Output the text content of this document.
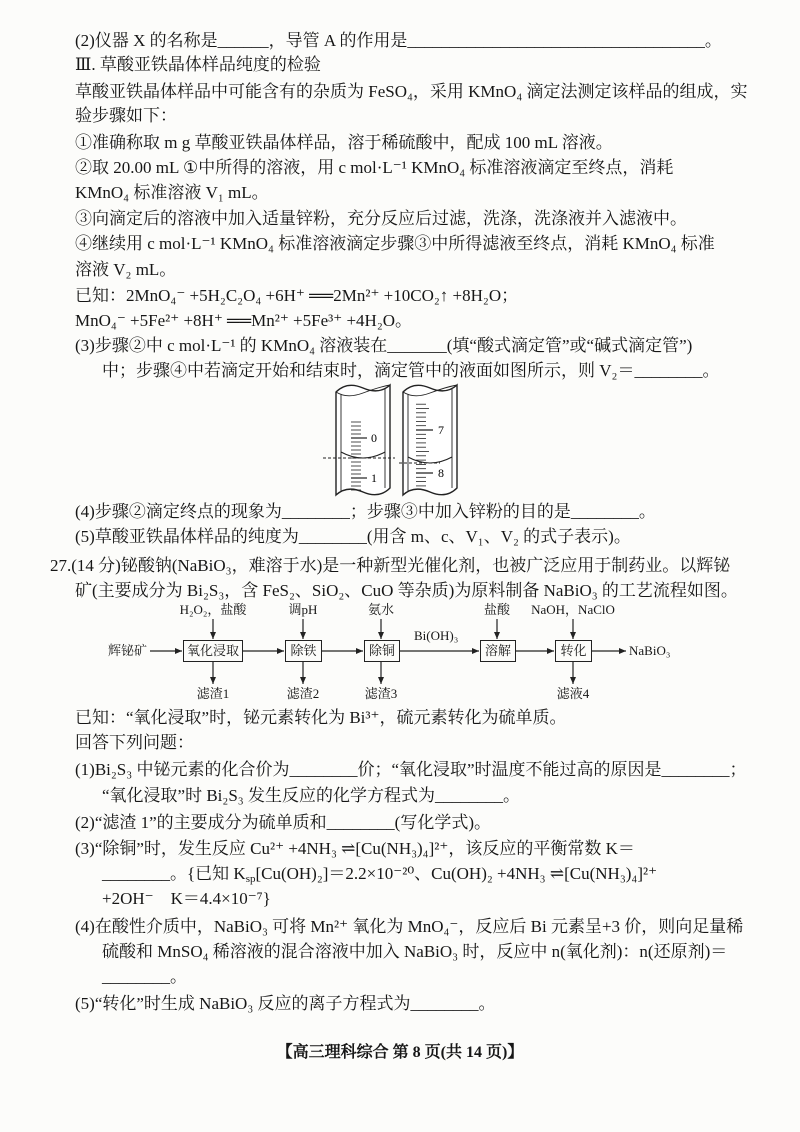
(2)仪器 X 的名称是______，导管 A 的作用是___________________________________。
Ⅲ. 草酸亚铁晶体样品纯度的检验
草酸亚铁晶体样品中可能含有的杂质为 FeSO₄，采用 KMnO₄ 滴定法测定该样品的组成，实
验步骤如下：
①准确称取 m g 草酸亚铁晶体样品，溶于稀硫酸中，配成 100 mL 溶液。
②取 20.00 mL ①中所得的溶液，用 c mol·L⁻¹ KMnO₄ 标准溶液滴定至终点，消耗
KMnO₄ 标准溶液 V₁ mL。
③向滴定后的溶液中加入适量锌粉，充分反应后过滤，洗涤，洗涤液并入滤液中。
④继续用 c mol·L⁻¹ KMnO₄ 标准溶液滴定步骤③中所得滤液至终点，消耗 KMnO₄ 标准
溶液 V₂ mL。
已知：2MnO₄⁻ +5H₂C₂O₄ +6H⁺ ══2Mn²⁺ +10CO₂↑ +8H₂O；
MnO₄⁻ +5Fe²⁺ +8H⁺ ══Mn²⁺ +5Fe³⁺ +4H₂O。
(3)步骤②中 c mol·L⁻¹ 的 KMnO₄ 溶液装在_______(填“酸式滴定管”或“碱式滴定管”)
中；步骤④中若滴定开始和结束时，滴定管中的液面如图所示，则 V₂＝________。
0
1
7
8
(4)步骤②滴定终点的现象为________；步骤③中加入锌粉的目的是________。
(5)草酸亚铁晶体样品的纯度为________(用含 m、c、V₁、V₂ 的式子表示)。
27.(14 分)铋酸钠(NaBiO₃，难溶于水)是一种新型光催化剂，也被广泛应用于制药业。以辉铋
矿(主要成分为 Bi₂S₃，含 FeS₂、SiO₂、CuO 等杂质)为原料制备 NaBiO₃ 的工艺流程如图。
辉铋矿
H₂O₂，盐酸	调pH	氨水	盐酸 NaOH，NaClO
氧化浸取	除铁	除铜	溶解	转化
Bi(OH)₃
NaBiO₃
滤渣1	滤渣2	滤渣3	滤液4
已知：“氧化浸取”时，铋元素转化为 Bi³⁺，硫元素转化为硫单质。
回答下列问题：
(1)Bi₂S₃ 中铋元素的化合价为________价；“氧化浸取”时温度不能过高的原因是________；
“氧化浸取”时 Bi₂S₃ 发生反应的化学方程式为________。
(2)“滤渣 1”的主要成分为硫单质和________(写化学式)。
(3)“除铜”时，发生反应 Cu²⁺ +4NH₃ ⇌[Cu(NH₃)₄]²⁺，该反应的平衡常数 K＝
________。{已知 $K_{sp}[Cu(OH)_2]=2.2\times 10^{-20}$、Cu(OH)₂ +4NH₃ ⇌[Cu(NH₃)₄]²⁺
+2OH⁻　K＝4.4×10⁻⁷}
(4)在酸性介质中，NaBiO₃ 可将 Mn²⁺ 氧化为 MnO₄⁻，反应后 Bi 元素呈+3 价，则向足量稀
硫酸和 MnSO₄ 稀溶液的混合溶液中加入 NaBiO₃ 时，反应中 n(氧化剂)：n(还原剂)＝
________。
(5)“转化”时生成 NaBiO₃ 反应的离子方程式为________。
【高三理科综合 第 8 页(共 14 页)】
